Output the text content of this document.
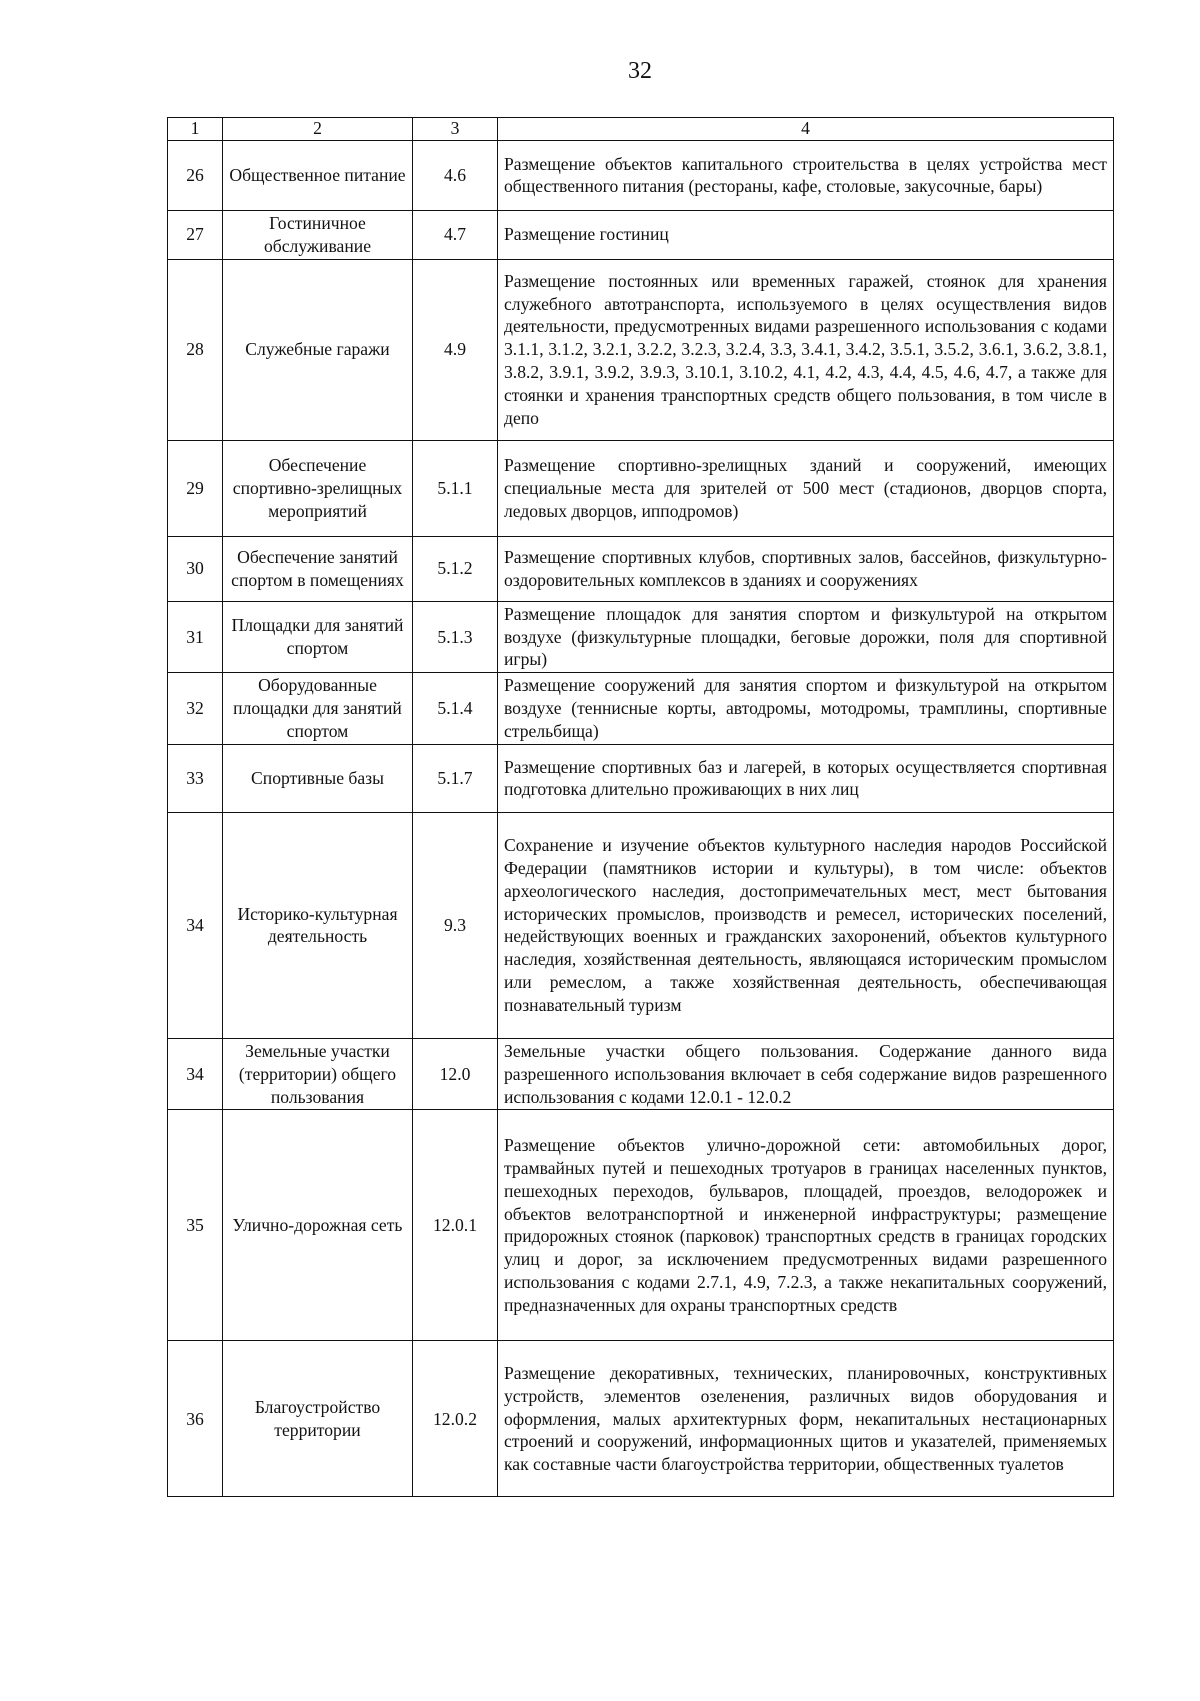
32
1	2	3	4
26	Общественное питание	4.6	Размещение объектов капитального строительства в целях устройства мест общественного питания (рестораны, кафе, столовые, закусочные, бары)
27	Гостиничное обслуживание	4.7	Размещение гостиниц
28	Служебные гаражи	4.9	Размещение постоянных или временных гаражей, стоянок для хранения служебного автотранспорта, используемого в целях осуществления видов деятельности, предусмотренных видами разрешенного использования с кодами 3.1.1, 3.1.2, 3.2.1, 3.2.2, 3.2.3, 3.2.4, 3.3, 3.4.1, 3.4.2, 3.5.1, 3.5.2, 3.6.1, 3.6.2, 3.8.1, 3.8.2, 3.9.1, 3.9.2, 3.9.3, 3.10.1, 3.10.2, 4.1, 4.2, 4.3, 4.4, 4.5, 4.6, 4.7, а также для стоянки и хранения транспортных средств общего пользования, в том числе в депо
29	Обеспечение спортивно-зрелищных мероприятий	5.1.1	Размещение спортивно-зрелищных зданий и сооружений, имеющих специальные места для зрителей от 500 мест (стадионов, дворцов спорта, ледовых дворцов, ипподромов)
30	Обеспечение занятий спортом в помещениях	5.1.2	Размещение спортивных клубов, спортивных залов, бассейнов, физкультурно-оздоровительных комплексов в зданиях и сооружениях
31	Площадки для занятий спортом	5.1.3	Размещение площадок для занятия спортом и физкультурой на открытом воздухе (физкультурные площадки, беговые дорожки, поля для спортивной игры)
32	Оборудованные площадки для занятий спортом	5.1.4	Размещение сооружений для занятия спортом и физкультурой на открытом воздухе (теннисные корты, автодромы, мотодромы, трамплины, спортивные стрельбища)
33	Спортивные базы	5.1.7	Размещение спортивных баз и лагерей, в которых осуществляется спортивная подготовка длительно проживающих в них лиц
34	Историко-культурная деятельность	9.3	Сохранение и изучение объектов культурного наследия народов Российской Федерации (памятников истории и культуры), в том числе: объектов археологического наследия, достопримечательных мест, мест бытования исторических промыслов, производств и ремесел, исторических поселений, недействующих военных и гражданских захоронений, объектов культурного наследия, хозяйственная деятельность, являющаяся историческим промыслом или ремеслом, а также хозяйственная деятельность, обеспечивающая познавательный туризм
34	Земельные участки (территории) общего пользования	12.0	Земельные участки общего пользования. Содержание данного вида разрешенного использования включает в себя содержание видов разрешенного использования с кодами 12.0.1 - 12.0.2
35	Улично-дорожная сеть	12.0.1	Размещение объектов улично-дорожной сети: автомобильных дорог, трамвайных путей и пешеходных тротуаров в границах населенных пунктов, пешеходных переходов, бульваров, площадей, проездов, велодорожек и объектов велотранспортной и инженерной инфраструктуры; размещение придорожных стоянок (парковок) транспортных средств в границах городских улиц и дорог, за исключением предусмотренных видами разрешенного использования с кодами 2.7.1, 4.9, 7.2.3, а также некапитальных сооружений, предназначенных для охраны транспортных средств
36	Благоустройство территории	12.0.2	Размещение декоративных, технических, планировочных, конструктивных устройств, элементов озеленения, различных видов оборудования и оформления, малых архитектурных форм, некапитальных нестационарных строений и сооружений, информационных щитов и указателей, применяемых как составные части благоустройства территории, общественных туалетов
